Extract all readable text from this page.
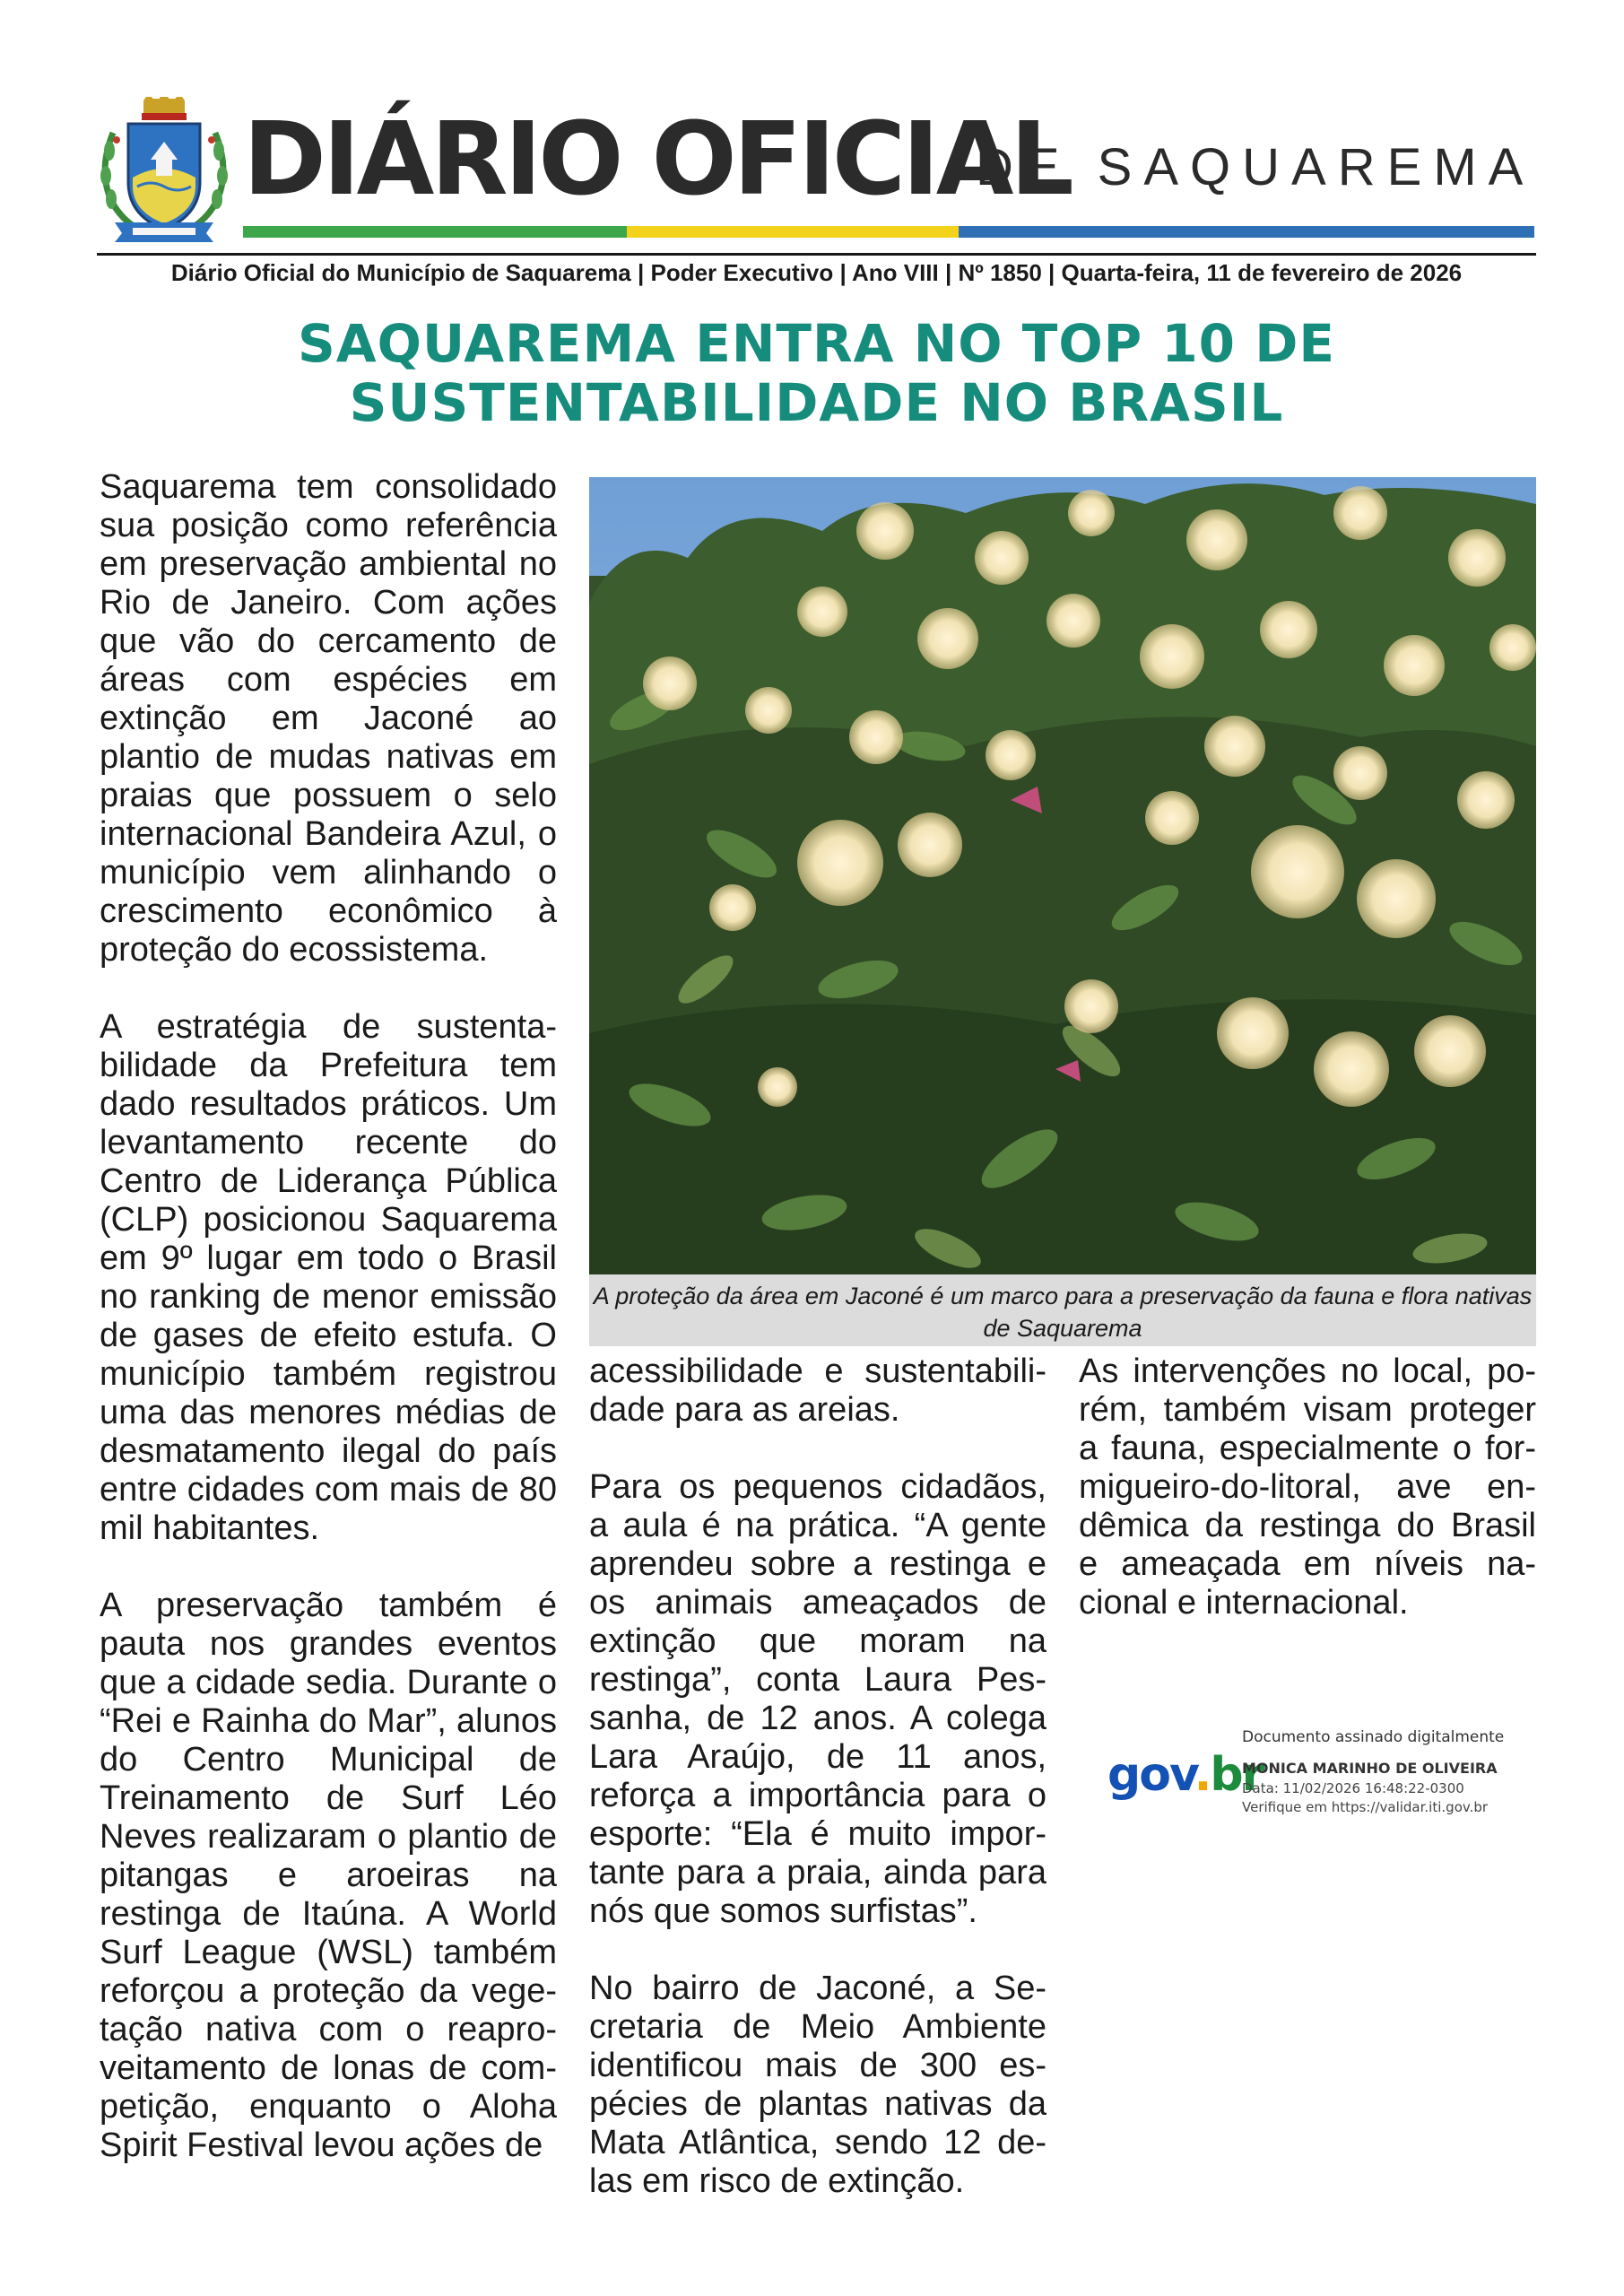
DIÁRIO OFICIAL
DE SAQUAREMA
Diário Oficial do Município de Saquarema | Poder Executivo | Ano VIII | Nº 1850 | Quarta-feira, 11 de fevereiro de 2026
SAQUAREMA ENTRA NO TOP 10 DE
SUSTENTABILIDADE NO BRASIL

Saquarema tem consolidado sua posição como referência em preservação ambiental no Rio de Janeiro. Com ações que vão do cercamento de áreas com espécies em extinção em Jaconé ao plantio de mudas nativas em praias que possuem o selo internacional Bandeira Azul, o município vem alinhando o crescimento econômico à proteção do ecossistema.

A estratégia de sustentabilidade da Prefeitura tem dado resultados práticos. Um levantamento recente do Centro de Liderança Pública (CLP) posicionou Saquarema em 9º lugar em todo o Brasil no ranking de menor emissão de gases de efeito estufa. O município também registrou uma das menores médias de desmatamento ilegal do país entre cidades com mais de 80 mil habitantes.

A preservação também é pauta nos grandes eventos que a cidade sedia. Durante o “Rei e Rainha do Mar”, alunos do Centro Municipal de Treinamento de Surf Léo Neves realizaram o plantio de pitangas e aroeiras na restinga de Itaúna. A World Surf League (WSL) também reforçou a proteção da vegetação nativa com o reaproveitamento de lonas de competição, enquanto o Aloha Spirit Festival levou ações de

A proteção da área em Jaconé é um marco para a preservação da fauna e flora nativas de Saquarema

acessibilidade e sustentabilidade para as areias.

Para os pequenos cidadãos, a aula é na prática. “A gente aprendeu sobre a restinga e os animais ameaçados de extinção que moram na restinga”, conta Laura Pessanha, de 12 anos. A colega Lara Araújo, de 11 anos, reforça a importância para o esporte: “Ela é muito importante para a praia, ainda para nós que somos surfistas”.

No bairro de Jaconé, a Secretaria de Meio Ambiente identificou mais de 300 espécies de plantas nativas da Mata Atlântica, sendo 12 delas em risco de extinção.

As intervenções no local, porém, também visam proteger a fauna, especialmente o formigueiro-do-litoral, ave endêmica da restinga do Brasil e ameaçada em níveis nacional e internacional.

gov.br
Documento assinado digitalmente
MONICA MARINHO DE OLIVEIRA
Data: 11/02/2026 16:48:22-0300
Verifique em https://validar.iti.gov.br
